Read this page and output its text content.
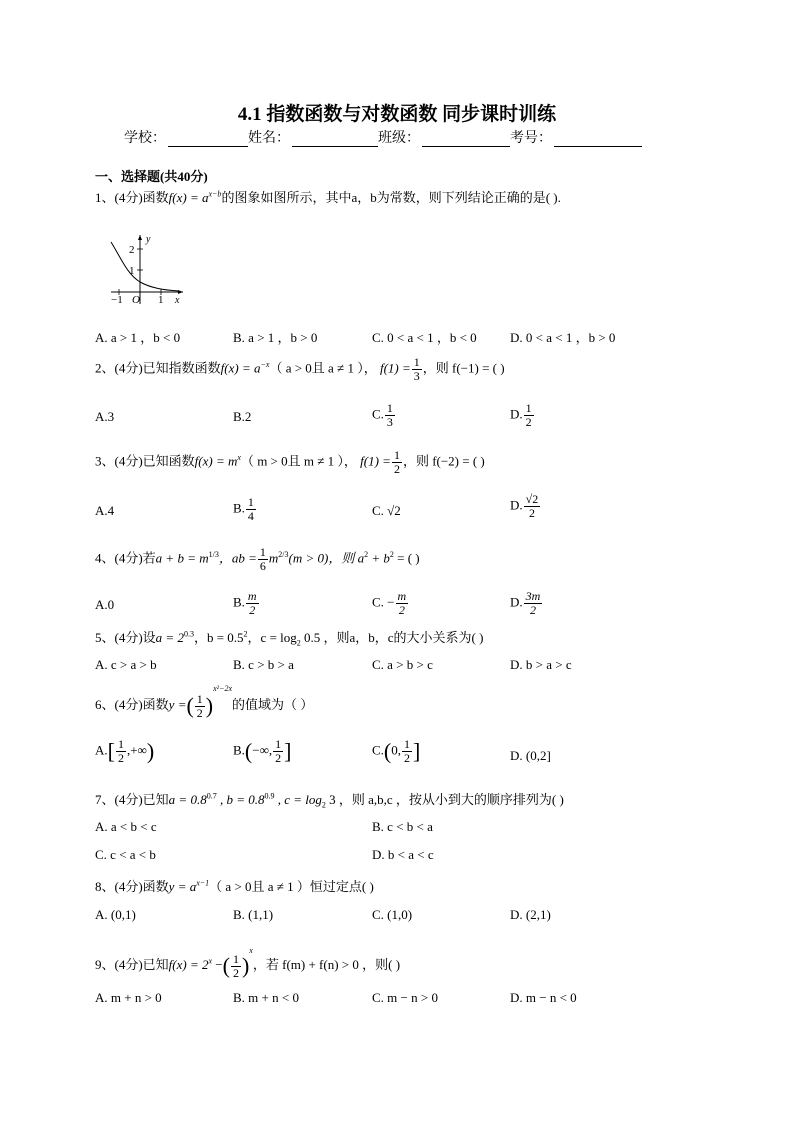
4.1 指数函数与对数函数 同步课时训练
学校：	姓名：	班级：	考号：
一、选择题(共40分)
1、(4分)函数$f(x) = a^{x-b}$的图象如图所示，其中a，b为常数，则下列结论正确的是( ).
y
x
2
1
−1 O 1
A. a > 1 ，b < 0	B. a > 1 ，b > 0	C. 0 < a < 1 ，b < 0	D. 0 < a < 1 ，b > 0
2、(4分)已知指数函数$f(x) = a^{-x}$（ a > 0且 a ≠ 1 ）， $f(1) = \frac{1}{3}$ ，则 f(−1) = ( )
A.3	B.2	C. $\frac{1}{3}$	D. $\frac{1}{2}$
3、(4分)已知函数$f(x) = m^x$（ m > 0且 m ≠ 1 ）， $f(1) = \frac{1}{2}$ ，则 f(−2) = ( )
A.4	B. $\frac{1}{4}$	C. √2	D. $\frac{√2}{2}$
4、(4分)若$a + b = m^{1/3}$，ab = $\frac{1}{6} m^{2/3}(m > 0)$，则 $a^2 + b^2$ = ( )
A.0	B. $\frac{m}{2}$	C. − $\frac{m}{2}$	D. $\frac{3m}{2}$
5、(4分)设$a = 2^{0.3}$，$b = 0.5^2$，$c = \log_2 0.5$ ，则a，b，c的大小关系为( )
A. c > a > b	B. c > b > a	C. a > b > c	D. b > a > c
6、(4分)函数y =( $\frac{1}{2} )^{x^2-2x}$的值域为（ ）
$A.[ \frac{1}{2}$ ,+∞)	B.(−∞, $\frac{1}{2}$ ]	C.(0, $\frac{1}{2}$ ]	D. (0,2]
7、(4分)已知$a = 0.8^{0.7}$ , $b = 0.8^{0.9}$ , $c = \log_2 3$ ，则 a,b,c ，按从小到大的顺序排列为( )
A. a < b < c	B. c < b < a
C. c < a < b	D. b < a < c
8、(4分)函数$y = a^{x-1}$（ a > 0且 a ≠ 1 ）恒过定点( )
A. (0,1)	B. (1,1)	C. (1,0)	D. (2,1)
9、(4分)已知$f(x) = 2^x$ −( $\frac{1}{2} )^x$，若 f(m) + f(n) > 0 ，则( )
A. m + n > 0	B. m + n < 0	C. m − n > 0	D. m − n < 0
